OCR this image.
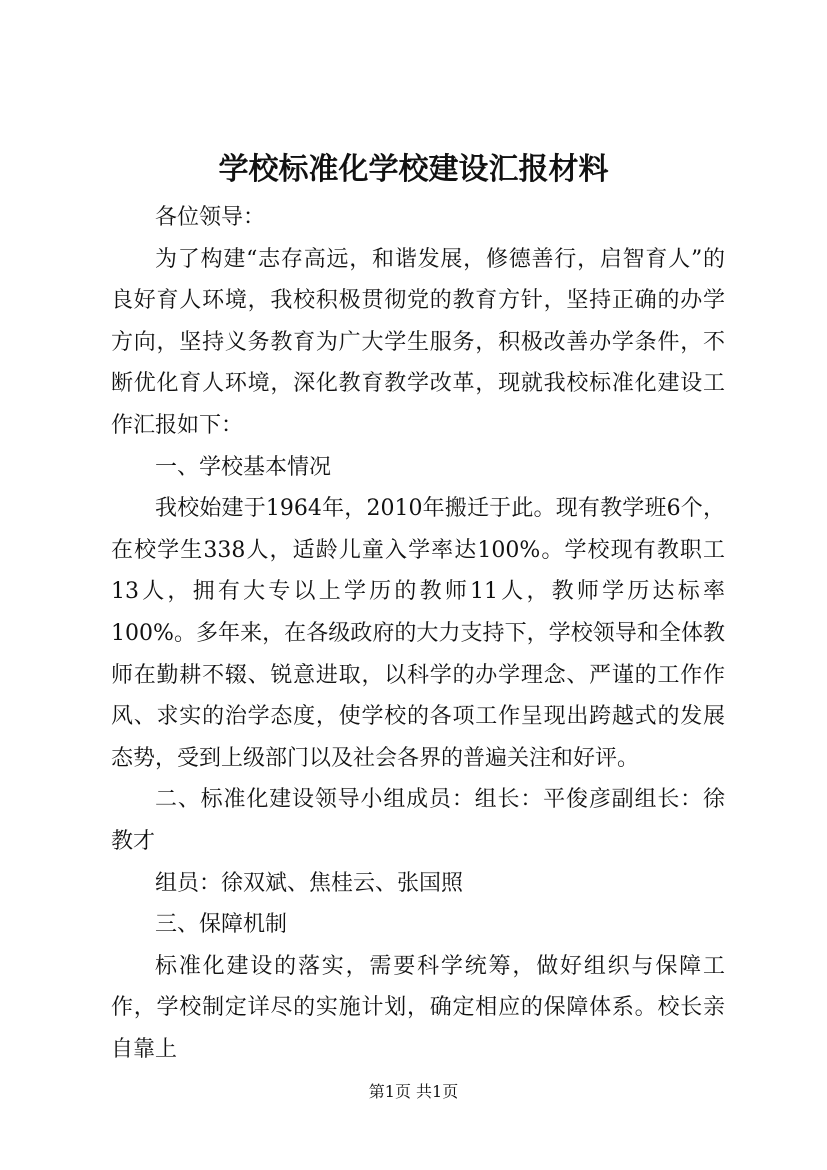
学校标准化学校建设汇报材料

各位领导：

为了构建“志存高远，和谐发展，修德善行，启智育人”的良好育人环境，我校积极贯彻党的教育方针，坚持正确的办学方向，坚持义务教育为广大学生服务，积极改善办学条件，不断优化育人环境，深化教育教学改革，现就我校标准化建设工作汇报如下：

一、学校基本情况

我校始建于1964年，2010年搬迁于此。现有教学班6个，在校学生338人，适龄儿童入学率达100%。学校现有教职工13人，拥有大专以上学历的教师11人，教师学历达标率100%。多年来，在各级政府的大力支持下，学校领导和全体教师在勤耕不辍、锐意进取，以科学的办学理念、严谨的工作作风、求实的治学态度，使学校的各项工作呈现出跨越式的发展态势，受到上级部门以及社会各界的普遍关注和好评。

二、标准化建设领导小组成员：组长：平俊彦副组长：徐教才

组员：徐双斌、焦桂云、张国照

三、保障机制

标准化建设的落实，需要科学统筹，做好组织与保障工作，学校制定详尽的实施计划，确定相应的保障体系。校长亲自靠上

第1页 共1页
